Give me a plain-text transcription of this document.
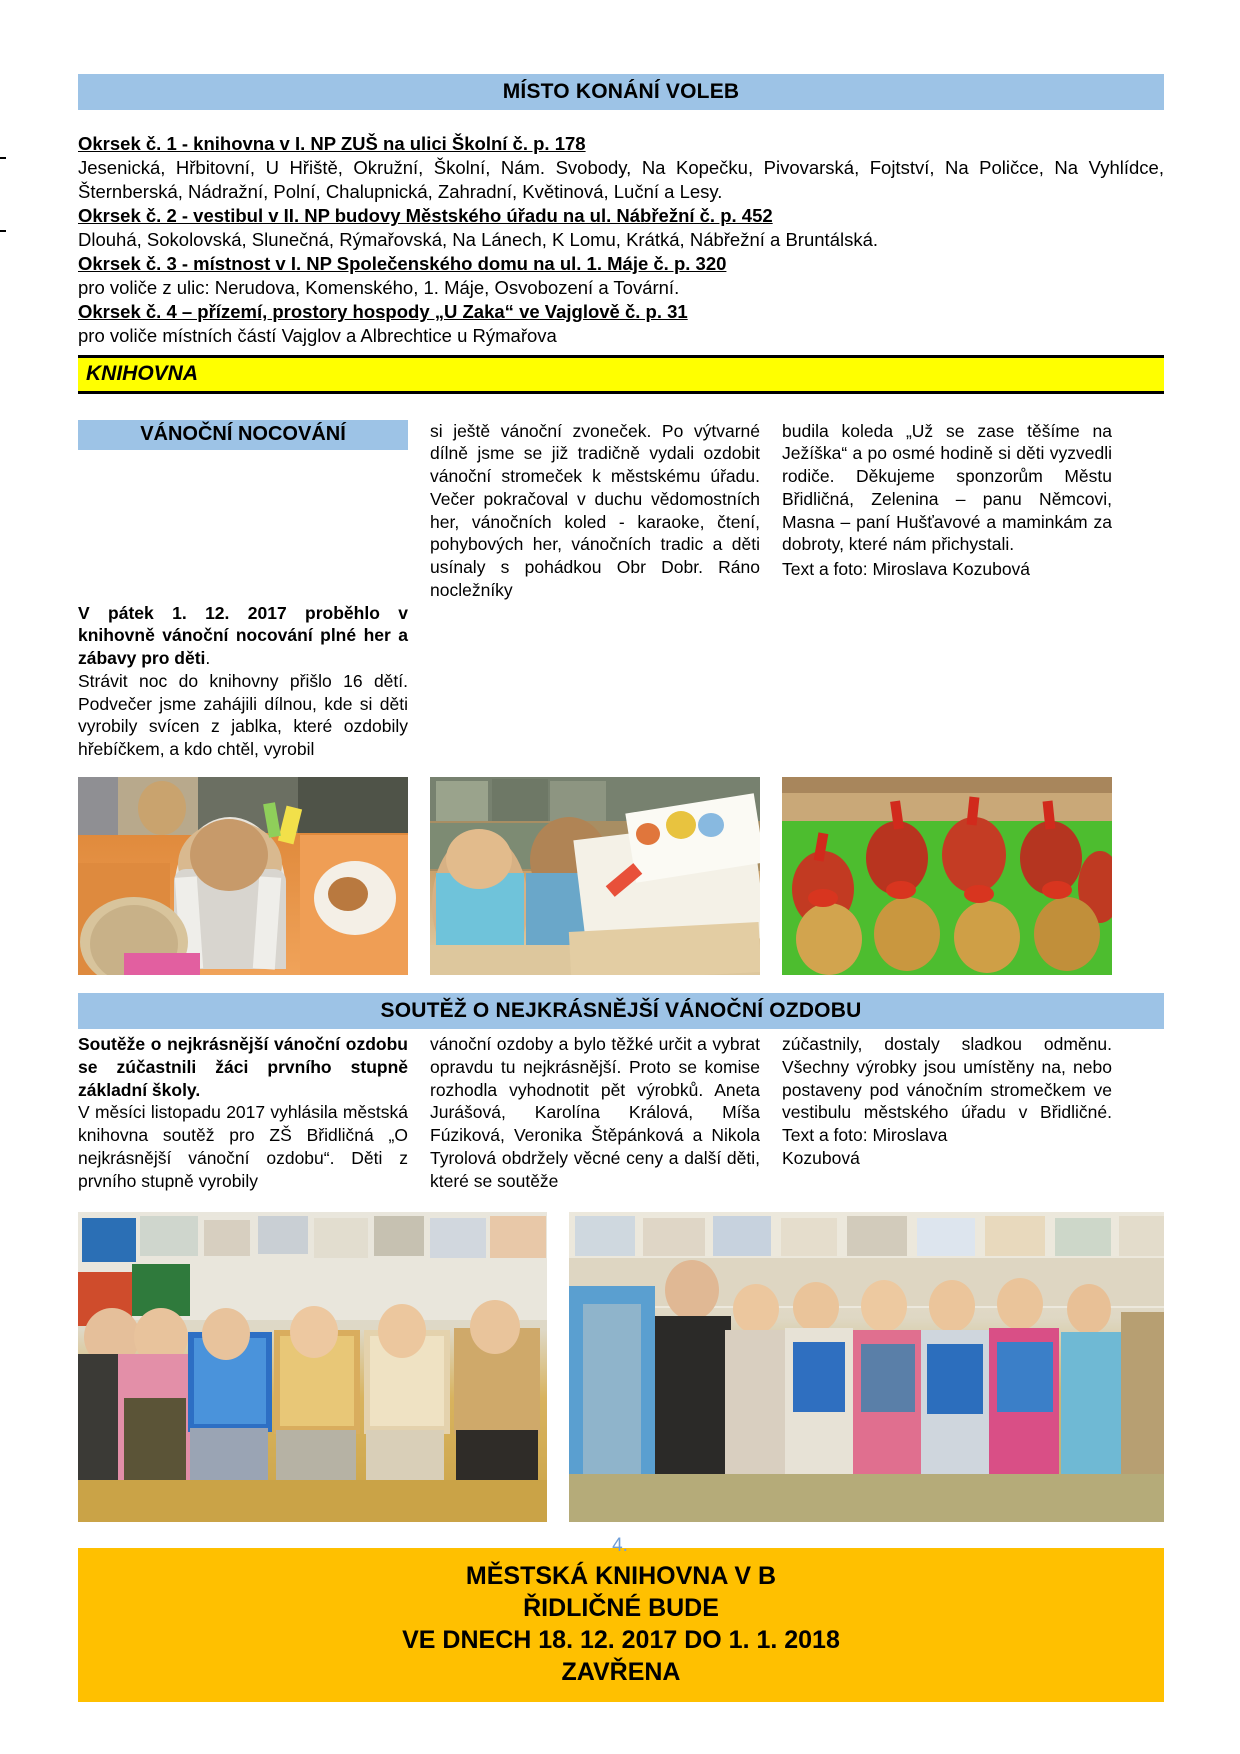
MÍSTO KONÁNÍ VOLEB
Okrsek č. 1 - knihovna v I. NP ZUŠ na ulici Školní č. p. 178
Jesenická, Hřbitovní, U Hřiště, Okružní, Školní, Nám. Svobody, Na Kopečku, Pivovarská, Fojtství, Na Poličce, Na Vyhlídce, Šternberská, Nádražní, Polní, Chalupnická, Zahradní, Květinová, Luční a Lesy.
Okrsek č. 2 - vestibul v II. NP budovy Městského úřadu na ul. Nábřežní č. p. 452
Dlouhá, Sokolovská, Slunečná, Rýmařovská, Na Lánech, K Lomu, Krátká, Nábřežní a Bruntálská.
Okrsek č. 3 - místnost v I. NP Společenského domu na ul. 1. Máje č. p. 320
pro voliče z ulic: Nerudova, Komenského, 1. Máje, Osvobození a Tovární.
Okrsek č. 4 – přízemí, prostory hospody „U Zaka“ ve Vajglově č. p. 31
pro voliče místních částí Vajglov a Albrechtice u Rýmařova
KNIHOVNA
VÁNOČNÍ NOCOVÁNÍ	si ještě vánoční zvoneček. Po výtvarné dílně jsme se již tradičně vydali ozdobit vánoční stromeček k městskému úřadu. Večer pokračoval v duchu vědomostních her, vánočních koled - karaoke, čtení, pohybových her, vánočních tradic a děti usínaly s pohádkou Obr Dobr. Ráno nocležníky

budila koleda „Už se zase těšíme na Ježíška“ a po osmé hodině si děti vyzvedli rodiče. Děkujeme sponzorům Městu Břidličná, Zelenina – panu Němcovi, Masna – paní Hušťavové a maminkám za dobroty, které nám přichystali.

Text a foto: Miroslava Kozubová

V pátek 1. 12. 2017 proběhlo v knihovně vánoční nocování plné her a zábavy pro děti.

Strávit noc do knihovny přišlo 16 dětí. Podvečer jsme zahájili dílnou, kde si děti vyrobily svícen z jablka, které ozdobily hřebíčkem, a kdo chtěl, vyrobil

SOUTĚŽ O NEJKRÁSNĚJŠÍ VÁNOČNÍ OZDOBU

Soutěže o nejkrásnější vánoční ozdobu se zúčastnili žáci prvního stupně základní školy.

V měsíci listopadu 2017 vyhlásila městská knihovna soutěž pro ZŠ Břidličná „O nejkrásnější vánoční ozdobu“. Děti z prvního stupně vyrobily

vánoční ozdoby a bylo těžké určit a vybrat opravdu tu nejkrásnější. Proto se komise rozhodla vyhodnotit pět výrobků. Aneta Jurášová, Karolína Králová, Míša Fúziková, Veronika Štěpánková a Nikola Tyrolová obdržely věcné ceny a další děti, které se soutěže

zúčastnily, dostaly sladkou odměnu. Všechny výrobky jsou umístěny na, nebo postaveny pod vánočním stromečkem ve vestibulu městského úřadu v Břidličné. Text a foto: Miroslava

Kozubová

MĚSTSKÁ KNIHOVNA V B
ŘIDLIČNÉ BUDE
VE DNECH 18. 12. 2017 DO 1. 1. 2018
ZAVŘENA
4.
